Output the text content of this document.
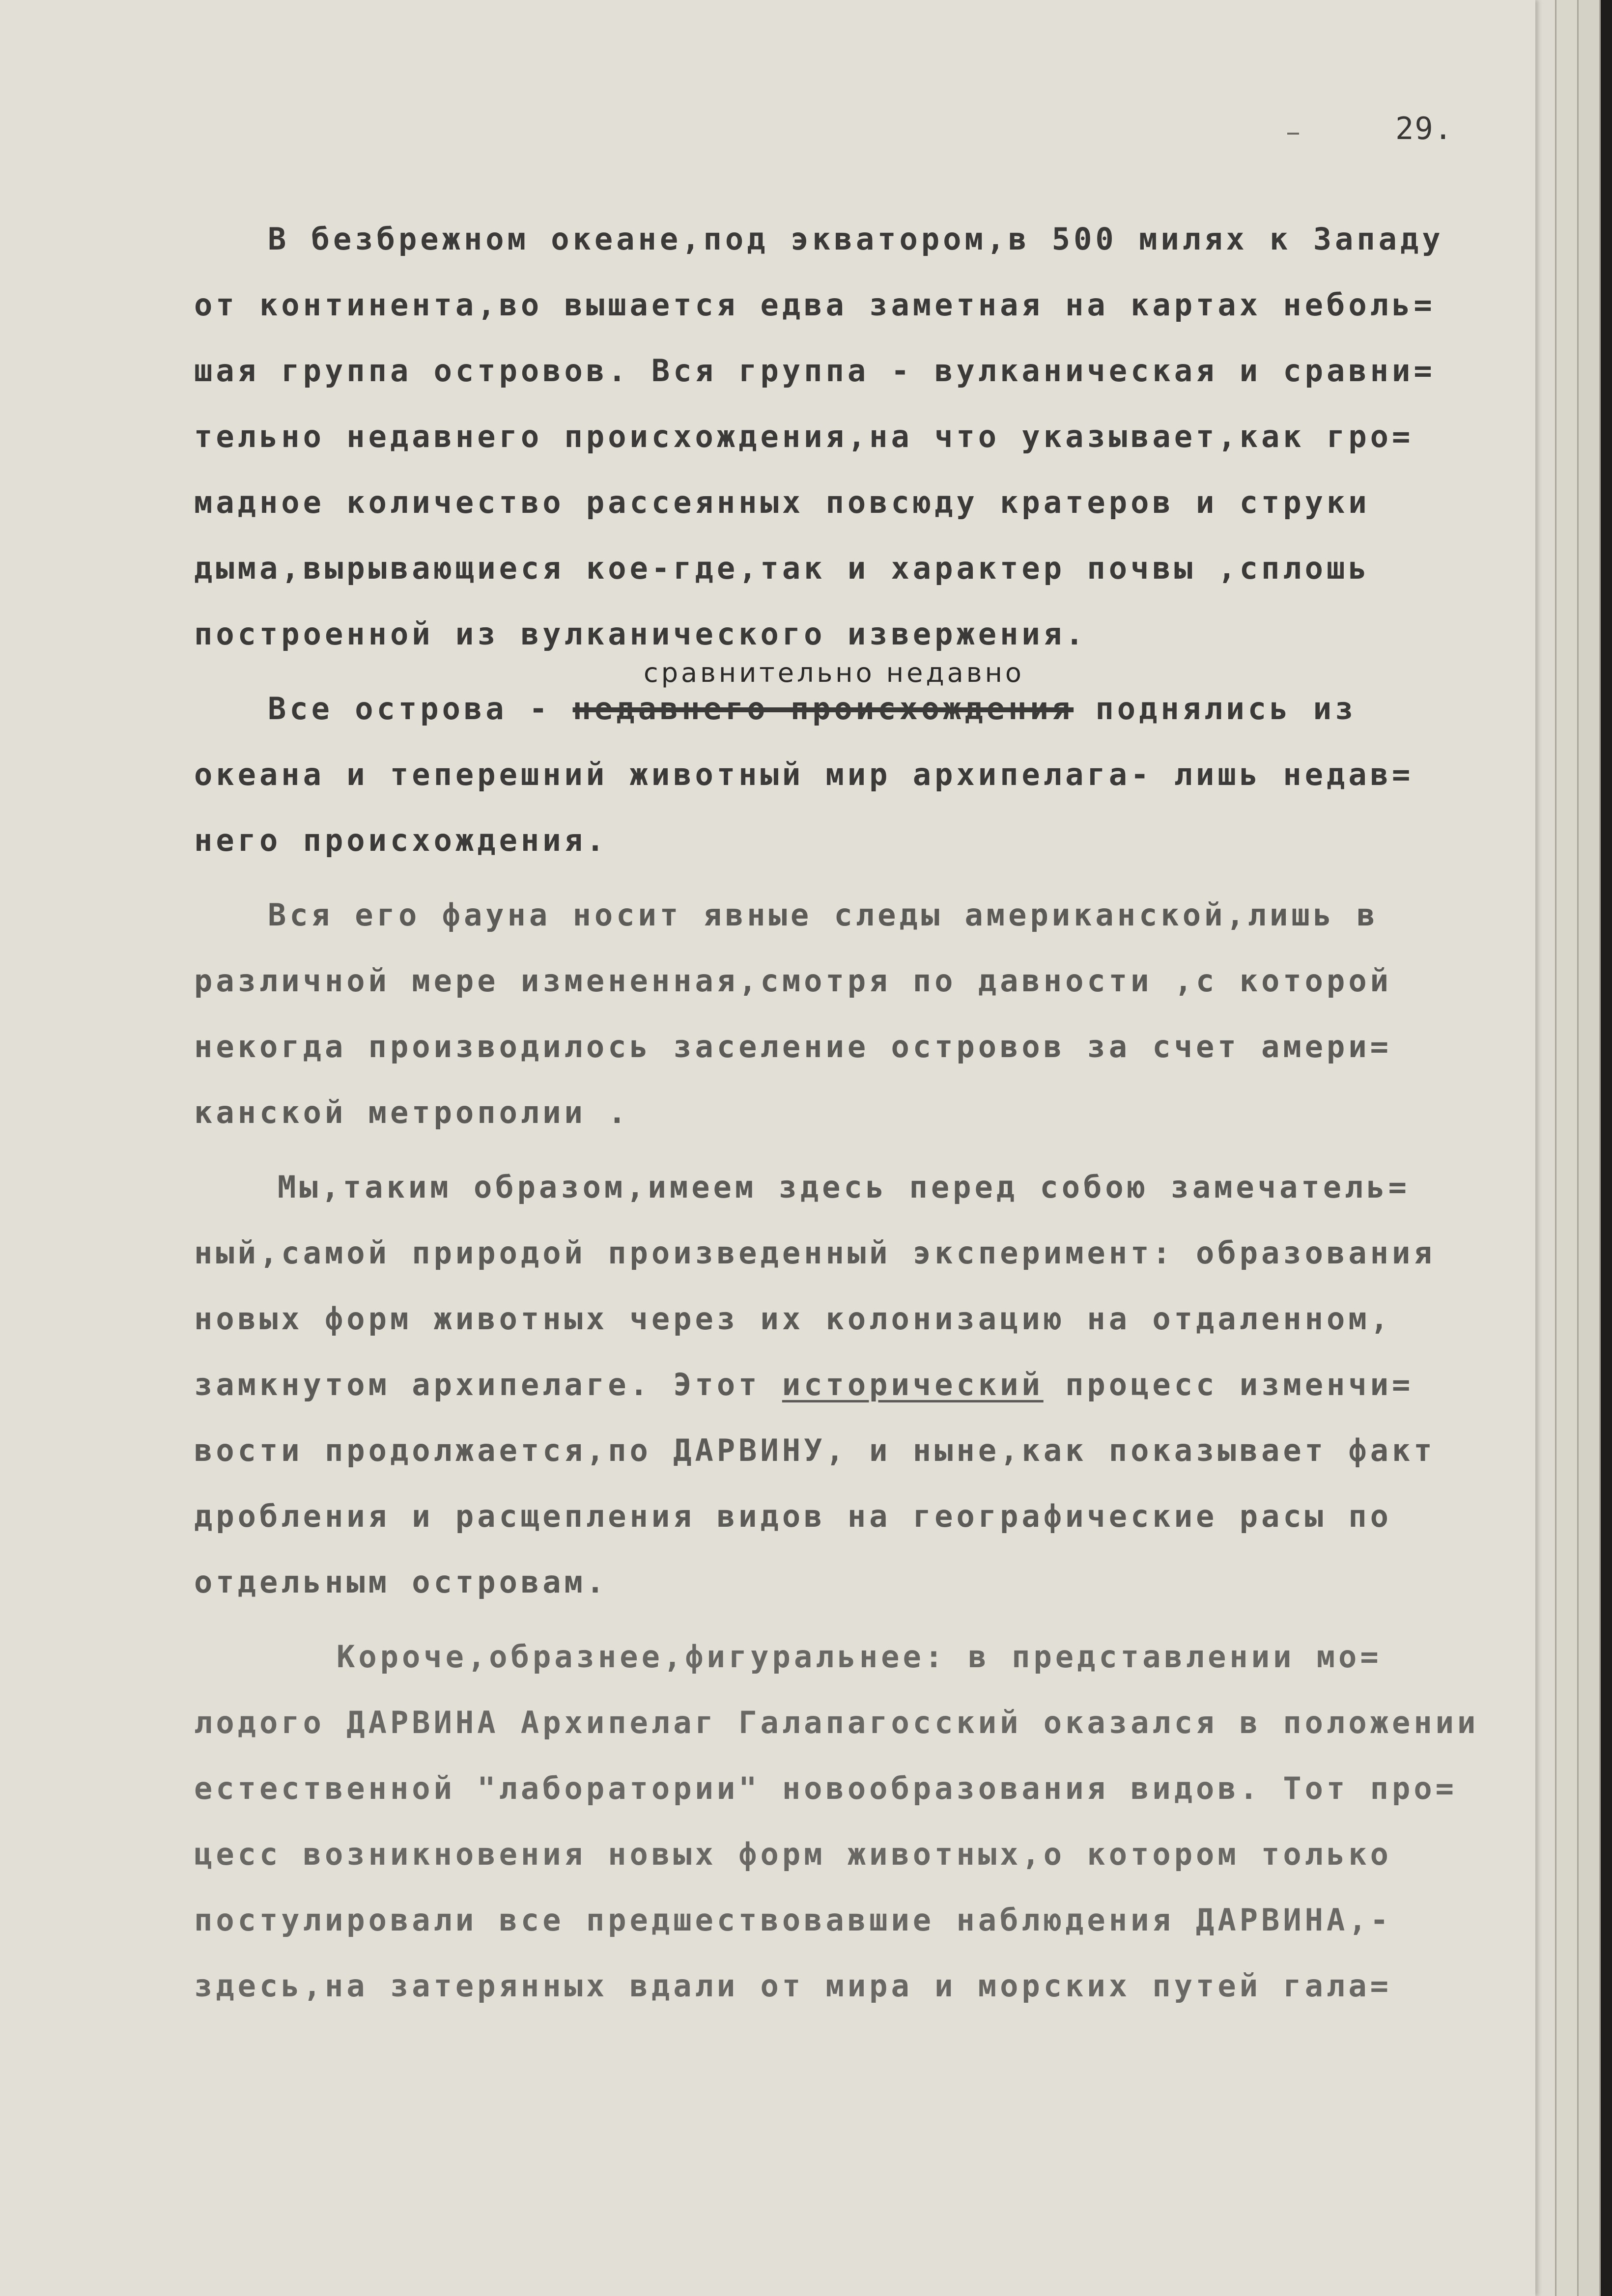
29.
сравнительно недавно
В безбрежном океане,под экватором,в 500 милях к Западу
от континента,во вышается едва заметная на картах неболь=
шая группа островов. Вся группа - вулканическая и сравни=
тельно недавнего происхождения,на что указывает,как гро=
мадное количество рассеянных повсюду кратеров и струки
дыма,вырывающиеся кое-где,так и характер почвы ,сплошь
построенной из вулканического извержения.
Все острова - недавнего происхождения поднялись из
океана и теперешний животный мир архипелага- лишь недав=
него происхождения.
Вся его фауна носит явные следы американской,лишь в
различной мере измененная,смотря по давности ,с которой
некогда производилось заселение островов за счет амери=
канской метрополии .
Мы,таким образом,имеем здесь перед собою замечатель=
ный,самой природой произведенный эксперимент: образования
новых форм животных через их колонизацию на отдаленном,
замкнутом архипелаге. Этот исторический процесс изменчи=
вости продолжается,по ДАРВИНУ, и ныне,как показывает факт
дробления и расщепления видов на географические расы по
отдельным островам.
Короче,образнее,фигуральнее: в представлении мо=
лодого ДАРВИНА Архипелаг Галапагосский оказался в положении
естественной "лаборатории" новообразования видов. Тот про=
цесс возникновения новых форм животных,о котором только
постулировали все предшествовавшие наблюдения ДАРВИНА,-
здесь,на затерянных вдали от мира и морских путей гала=
